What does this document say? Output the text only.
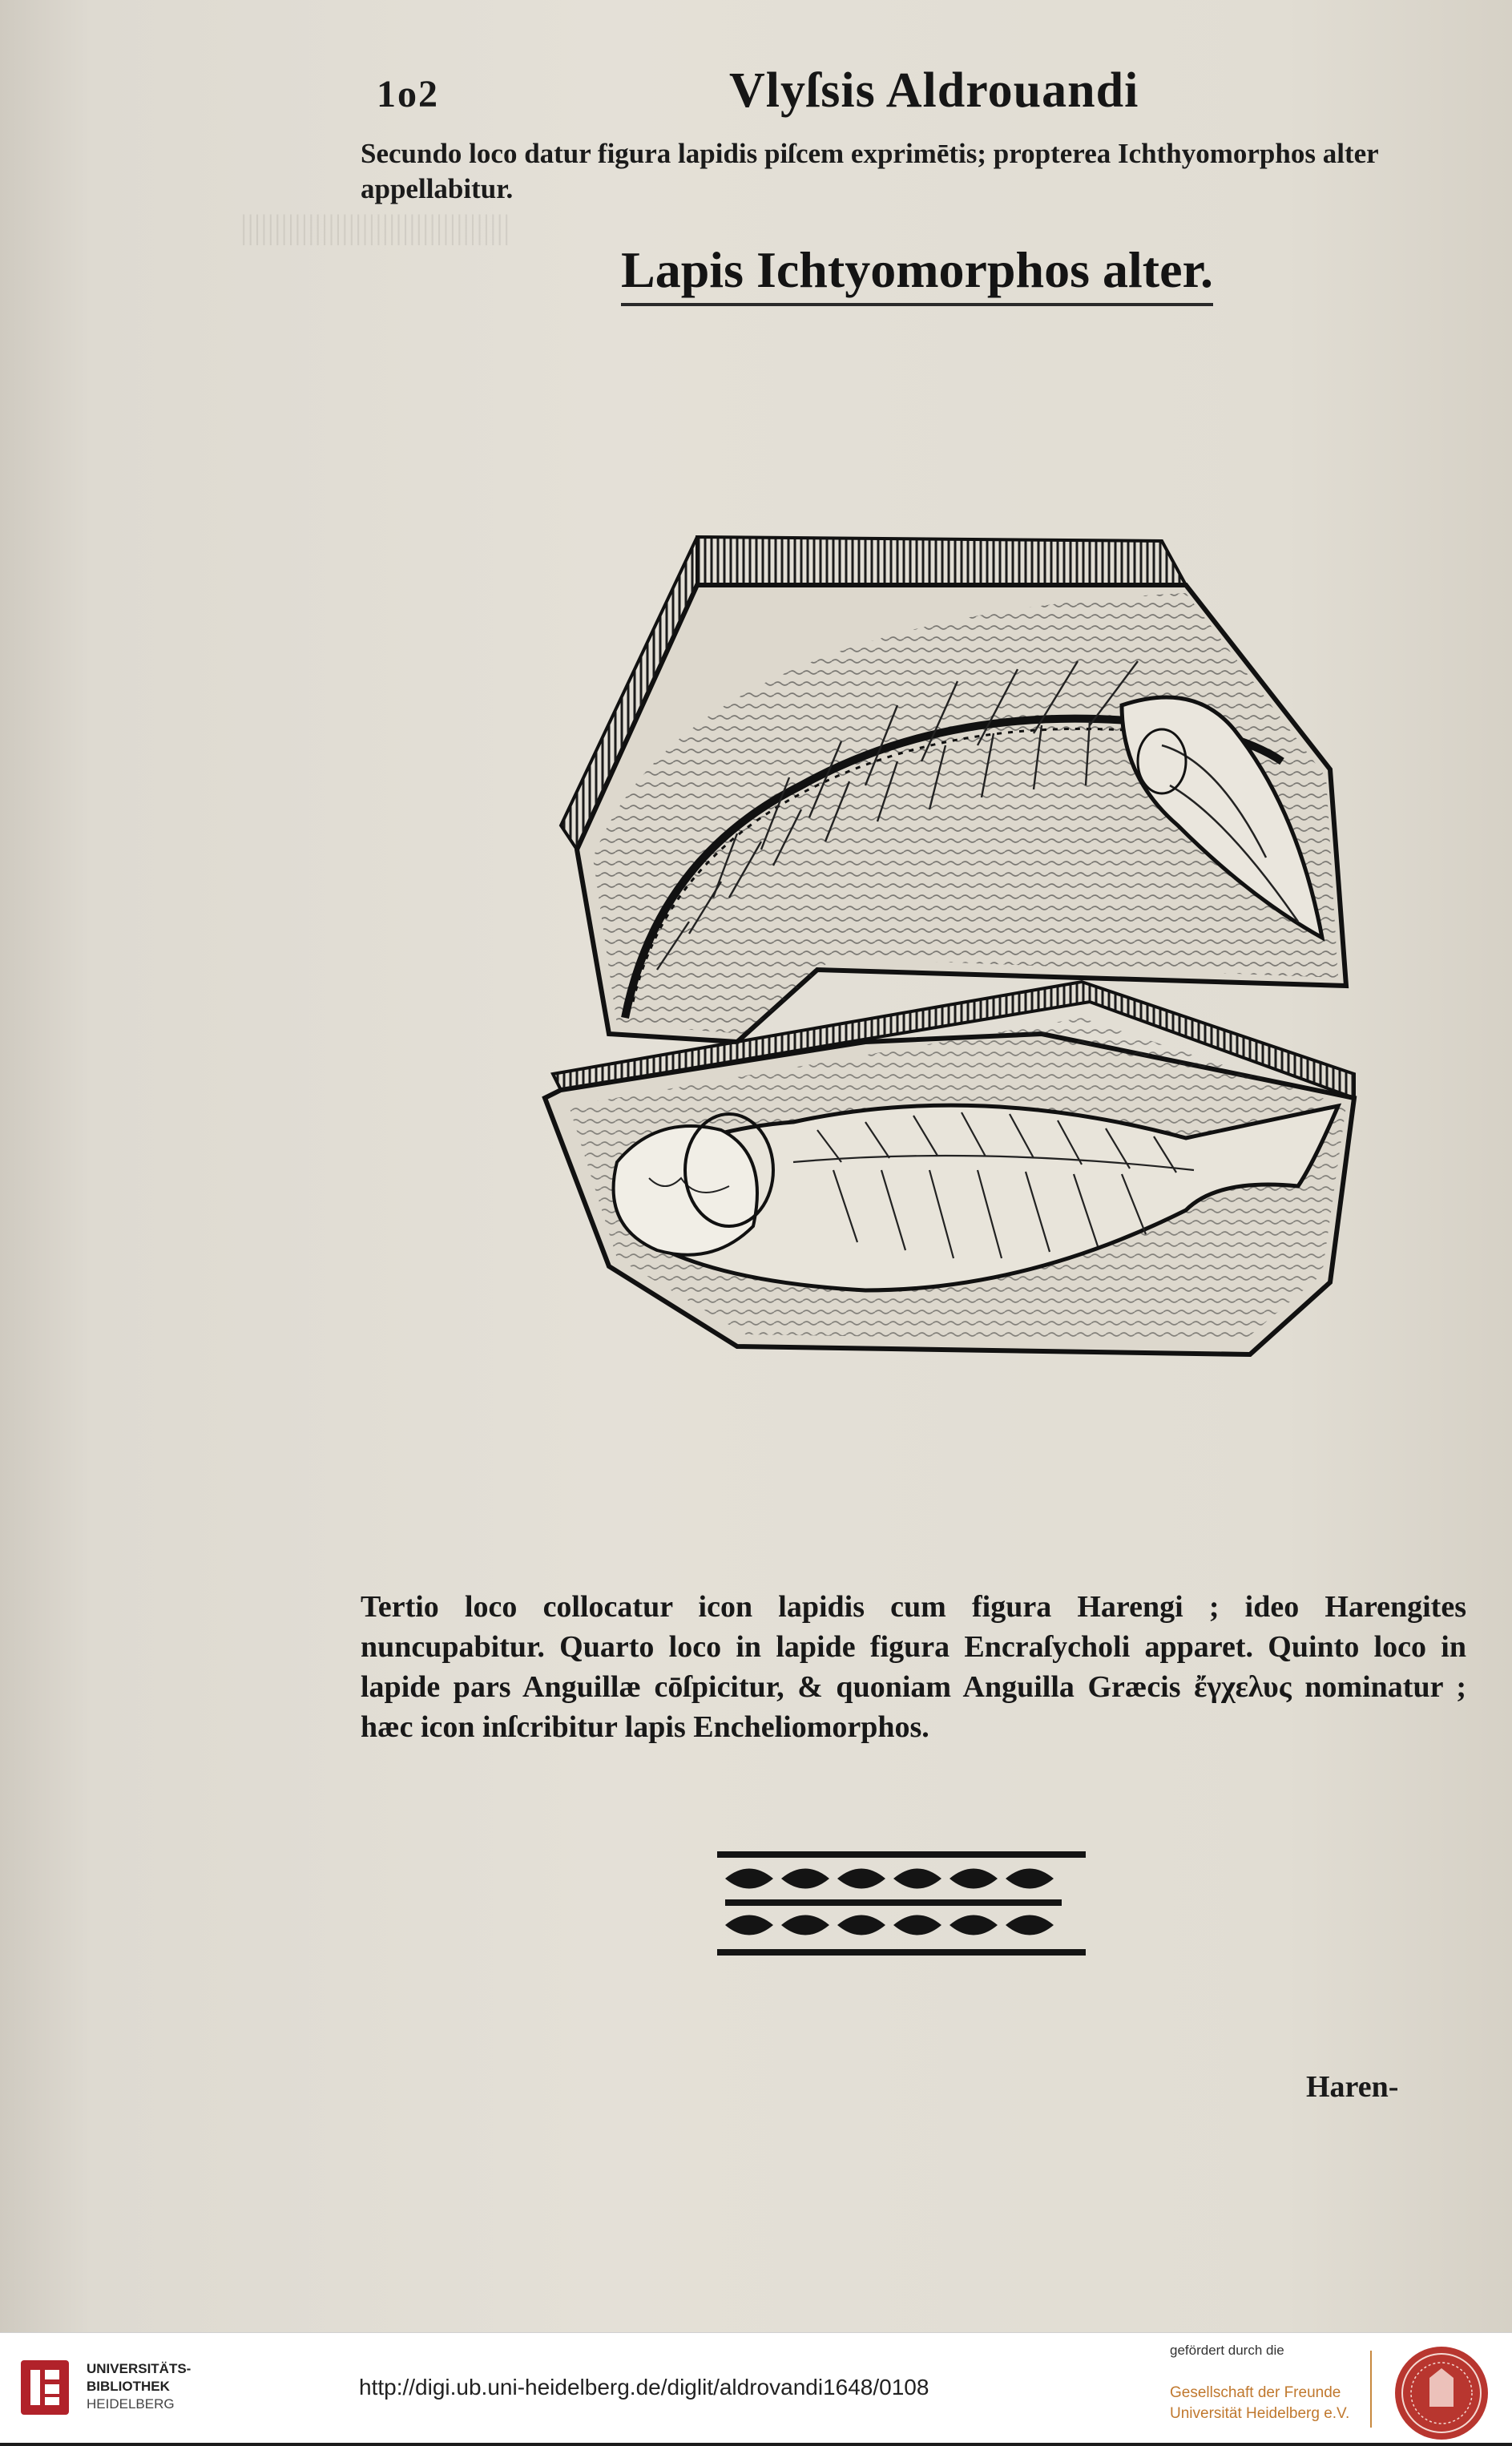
||||||||||||||||||||||||||||||||||||||||
1o2	Vlyſsis Aldrouandi
Secundo loco datur figura lapidis piſcem exprimētis; propterea Ichthyomorphos alter appellabitur.
Lapis Ichtyomorphos alter.
Tertio loco collocatur icon lapidis cum figura Harengi ; ideo Harengites nuncupabitur. Quarto loco in lapide figura Encraſycholi apparet. Quinto loco in lapide pars Anguillæ cōſpicitur, & quoniam Anguilla Græcis ἔγχελυς nominatur ; hæc icon inſcribitur lapis Encheliomorphos.
Haren-
UNIVERSITÄTS-
BIBLIOTHEK
HEIDELBERG
http://digi.ub.uni-heidelberg.de/diglit/aldrovandi1648/0108
gefördert durch die
Gesellschaft der Freunde
Universität Heidelberg e.V.
